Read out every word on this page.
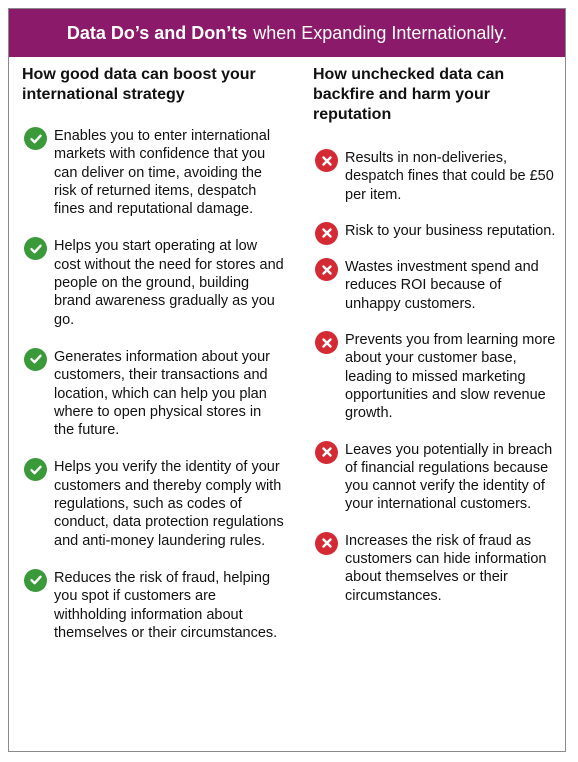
Data Do’s and Don’ts when Expanding Internationally.
How good data can boost your international strategy

Enables you to enter international markets with confidence that you can deliver on time, avoiding the risk of returned items, despatch fines and reputational damage.

Helps you start operating at low cost without the need for stores and people on the ground, building brand awareness gradually as you go.

Generates information about your customers, their transactions and location, which can help you plan where to open physical stores in the future.

Helps you verify the identity of your customers and thereby comply with regulations, such as codes of conduct, data protection regulations and anti-money laundering rules.

Reduces the risk of fraud, helping you spot if customers are withholding information about themselves or their circumstances.

How unchecked data can backfire and harm your reputation

Results in non-deliveries, despatch fines that could be £50 per item.

Risk to your business reputation.

Wastes investment spend and reduces ROI because of unhappy customers.

Prevents you from learning more about your customer base, leading to missed marketing opportunities and slow revenue growth.

Leaves you potentially in breach of financial regulations because you cannot verify the identity of your international customers.

Increases the risk of fraud as customers can hide information about themselves or their circumstances.
